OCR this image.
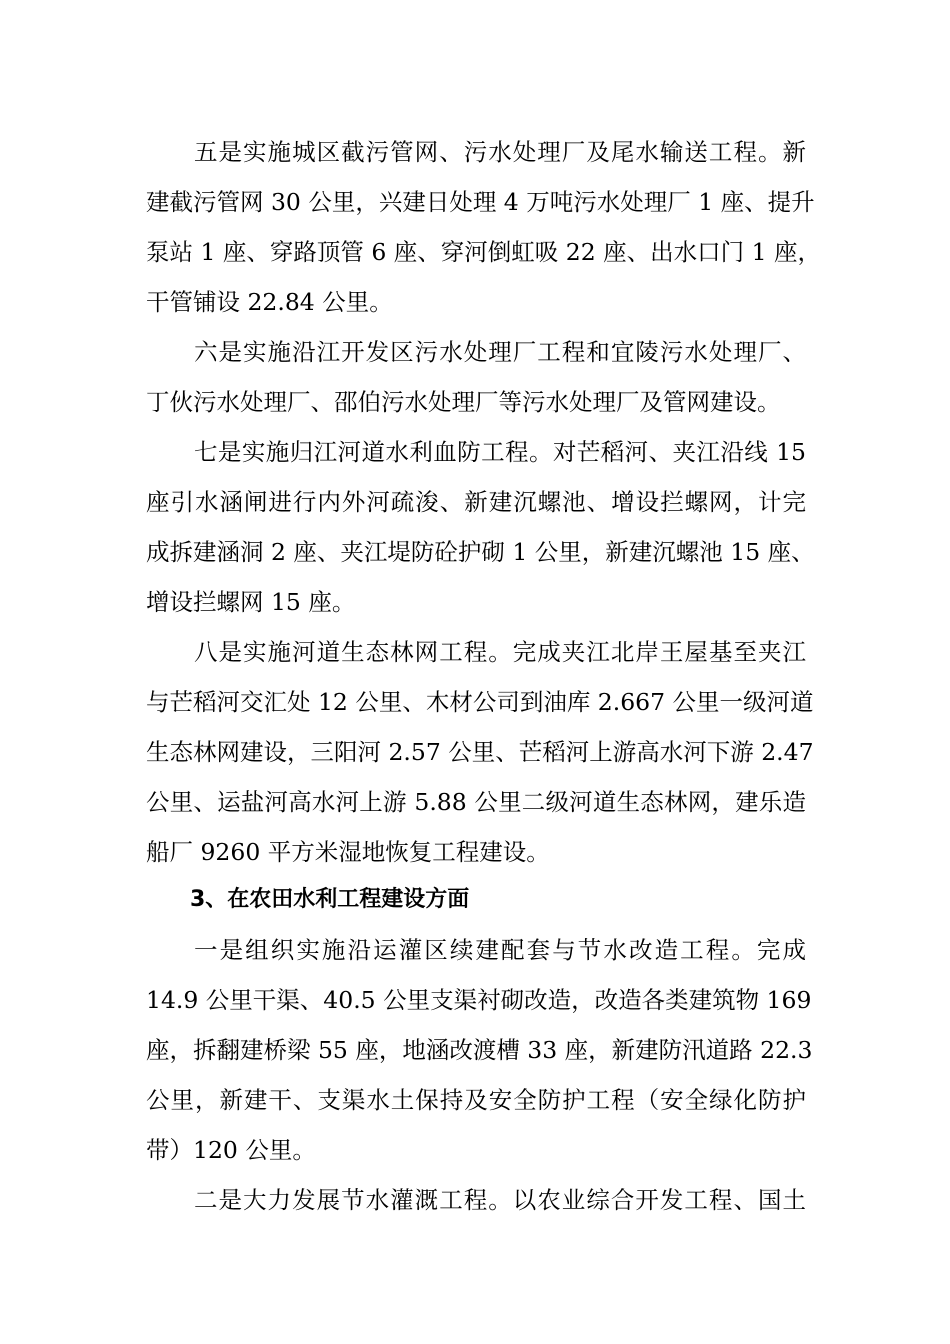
五是实施城区截污管网、污水处理厂及尾水输送工程。新
建截污管网 30 公里，兴建日处理 4 万吨污水处理厂 1 座、提升
泵站 1 座、穿路顶管 6 座、穿河倒虹吸 22 座、出水口门 1 座，
干管铺设 22.84 公里。
六是实施沿江开发区污水处理厂工程和宜陵污水处理厂、
丁伙污水处理厂、邵伯污水处理厂等污水处理厂及管网建设。
七是实施归江河道水利血防工程。对芒稻河、夹江沿线 15
座引水涵闸进行内外河疏浚、新建沉螺池、增设拦螺网，计完
成拆建涵洞 2 座、夹江堤防砼护砌 1 公里，新建沉螺池 15 座、
增设拦螺网 15 座。
八是实施河道生态林网工程。完成夹江北岸王屋基至夹江
与芒稻河交汇处 12 公里、木材公司到油库 2.667 公里一级河道
生态林网建设，三阳河 2.57 公里、芒稻河上游高水河下游 2.47
公里、运盐河高水河上游 5.88 公里二级河道生态林网，建乐造
船厂 9260 平方米湿地恢复工程建设。
3、在农田水利工程建设方面
一是组织实施沿运灌区续建配套与节水改造工程。完成
14.9 公里干渠、40.5 公里支渠衬砌改造，改造各类建筑物 169
座，拆翻建桥梁 55 座，地涵改渡槽 33 座，新建防汛道路 22.3
公里，新建干、支渠水土保持及安全防护工程（安全绿化防护
带）120 公里。
二是大力发展节水灌溉工程。以农业综合开发工程、国土
